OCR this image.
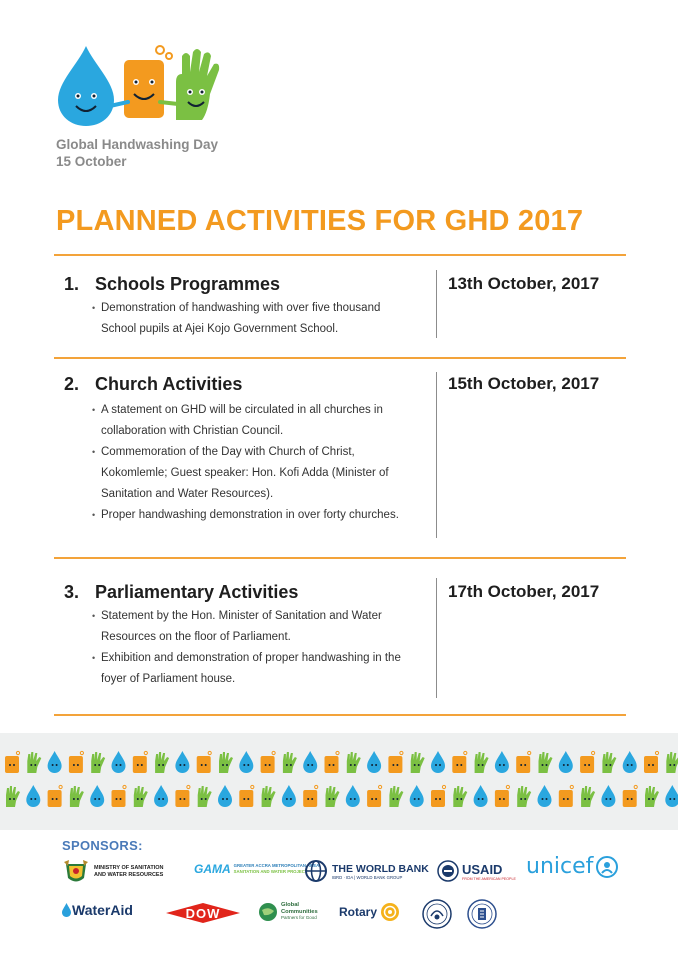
Global Handwashing Day
15 October
PLANNED ACTIVITIES FOR GHD 2017
1. Schools Programmes	13th October, 2017
• Demonstration of handwashing with over five thousand School pupils at Ajei Kojo Government School.
2. Church Activities	15th October, 2017
• A statement on GHD will be circulated in all churches in collaboration with Christian Council.
• Commemoration of the Day with Church of Christ, Kokomlemle; Guest speaker: Hon. Kofi Adda (Minister of Sanitation and Water Resources).
• Proper handwashing demonstration in over forty churches.
3. Parliamentary Activities	17th October, 2017
• Statement by the Hon. Minister of Sanitation and Water Resources on the floor of Parliament.
• Exhibition and demonstration of proper handwashing in the foyer of Parliament house.
SPONSORS:
MINISTRY OF SANITATION
AND WATER RESOURCES	GAMA GREATER ACCRA METROPOLITAN AREA
SANITATION AND WATER PROJECT	THE WORLD BANK
IBRD · IDA | WORLD BANK GROUP
USAID
FROM THE AMERICAN PEOPLE unicef
WaterAid	DOW
Global
Communities
Partners for Good Rotary
